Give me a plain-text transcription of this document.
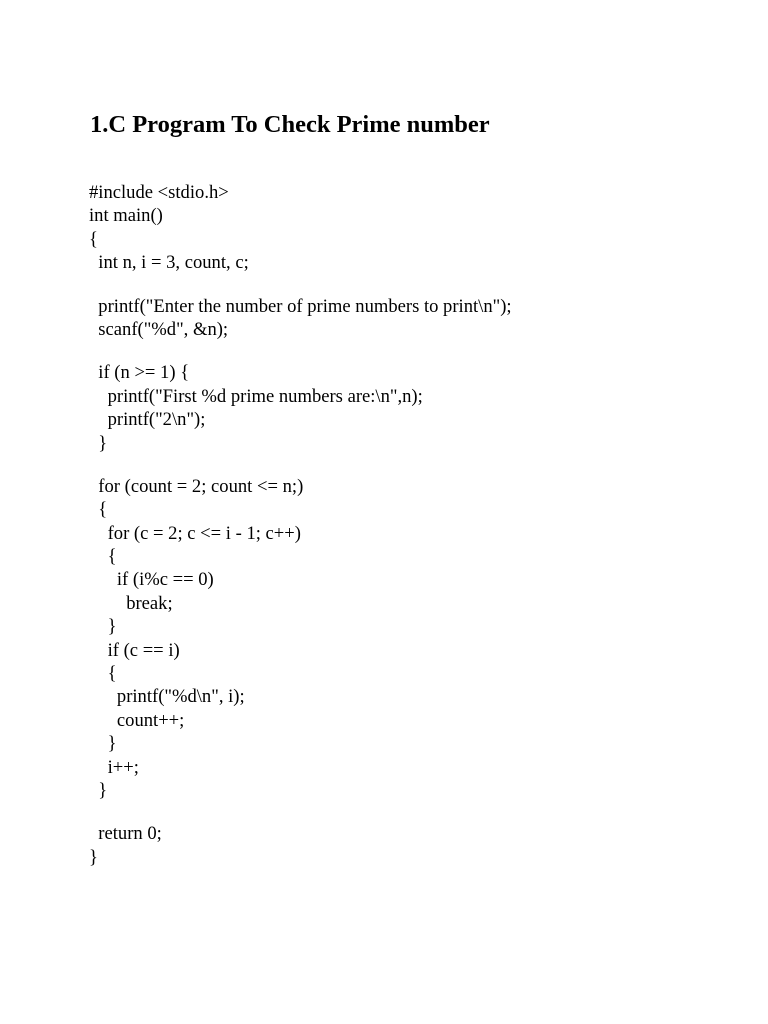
1.C Program To Check Prime number
#include <stdio.h>
int main()
{
int n, i = 3, count, c;
printf("Enter the number of prime numbers to print\n");
scanf("%d", &n);
if (n >= 1) {
printf("First %d prime numbers are:\n",n);
printf("2\n");
}
for (count = 2; count <= n;)
{
for (c = 2; c <= i - 1; c++)
{
if (i%c == 0)
break;
}
if (c == i)
{
printf("%d\n", i);
count++;
}
i++;
}
return 0;
}
